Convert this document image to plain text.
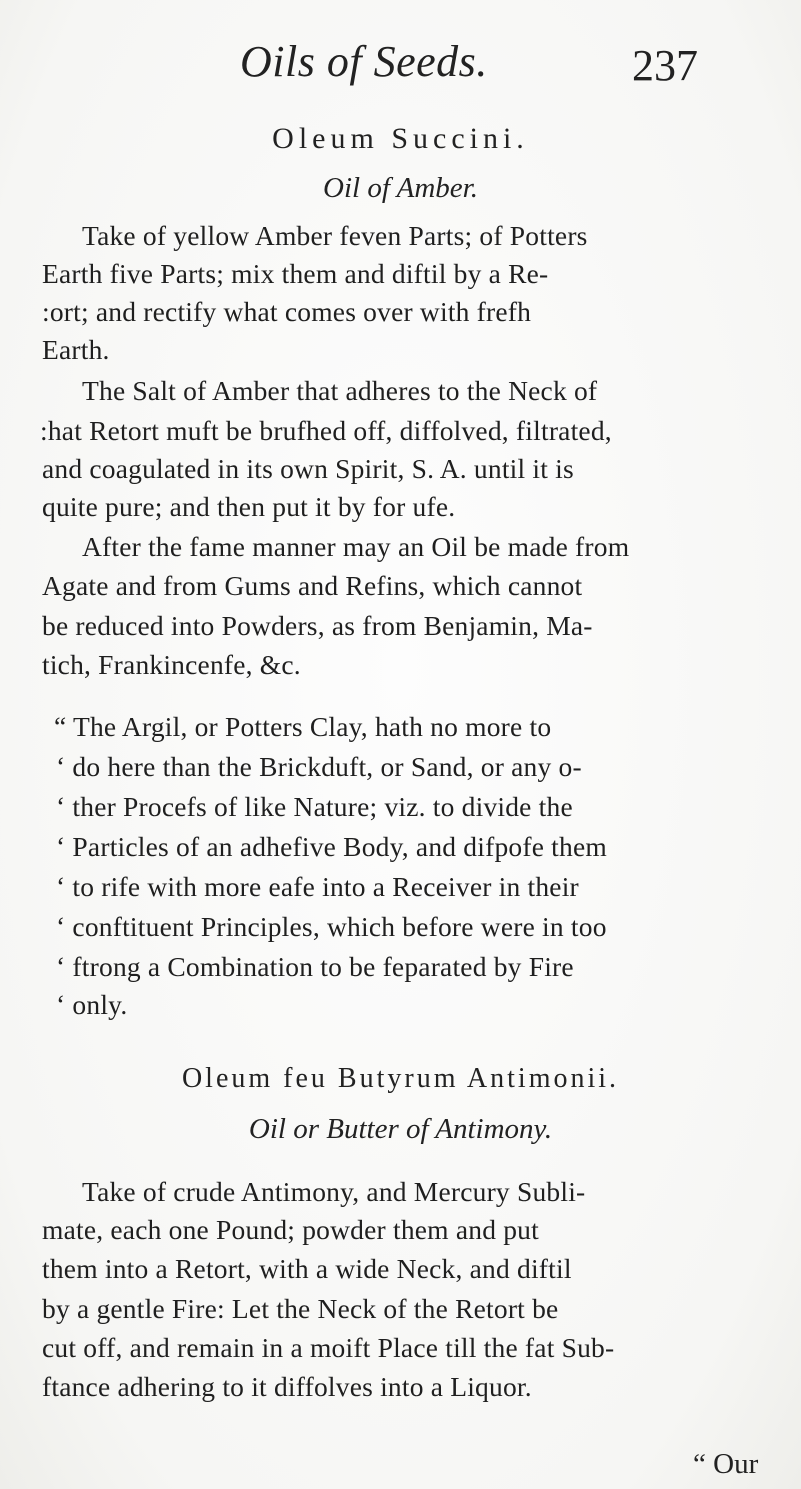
Oils of Seeds.	237
Oleum Succini.
Oil of Amber.
Take of yellow Amber feven Parts; of Potters
Earth five Parts; mix them and diftil by a Re-
:ort; and rectify what comes over with frefh
Earth.
The Salt of Amber that adheres to the Neck of
:hat Retort muft be brufhed off, diffolved, filtrated,
and coagulated in its own Spirit, S. A. until it is
quite pure; and then put it by for ufe.
After the fame manner may an Oil be made from
Agate and from Gums and Refins, which cannot
be reduced into Powders, as from Benjamin, Ma-
tich, Frankincenfe, &c.
“ The Argil, or Potters Clay, hath no more to
‘ do here than the Brickduft, or Sand, or any o-
‘ ther Procefs of like Nature; viz. to divide the
‘ Particles of an adhefive Body, and difpofe them
‘ to rife with more eafe into a Receiver in their
‘ conftituent Principles, which before were in too
‘ ftrong a Combination to be feparated by Fire
‘ only.
Oleum feu Butyrum Antimonii.
Oil or Butter of Antimony.
Take of crude Antimony, and Mercury Subli-
mate, each one Pound; powder them and put
them into a Retort, with a wide Neck, and diftil
by a gentle Fire: Let the Neck of the Retort be
cut off, and remain in a moift Place till the fat Sub-
ftance adhering to it diffolves into a Liquor.
“ Our
